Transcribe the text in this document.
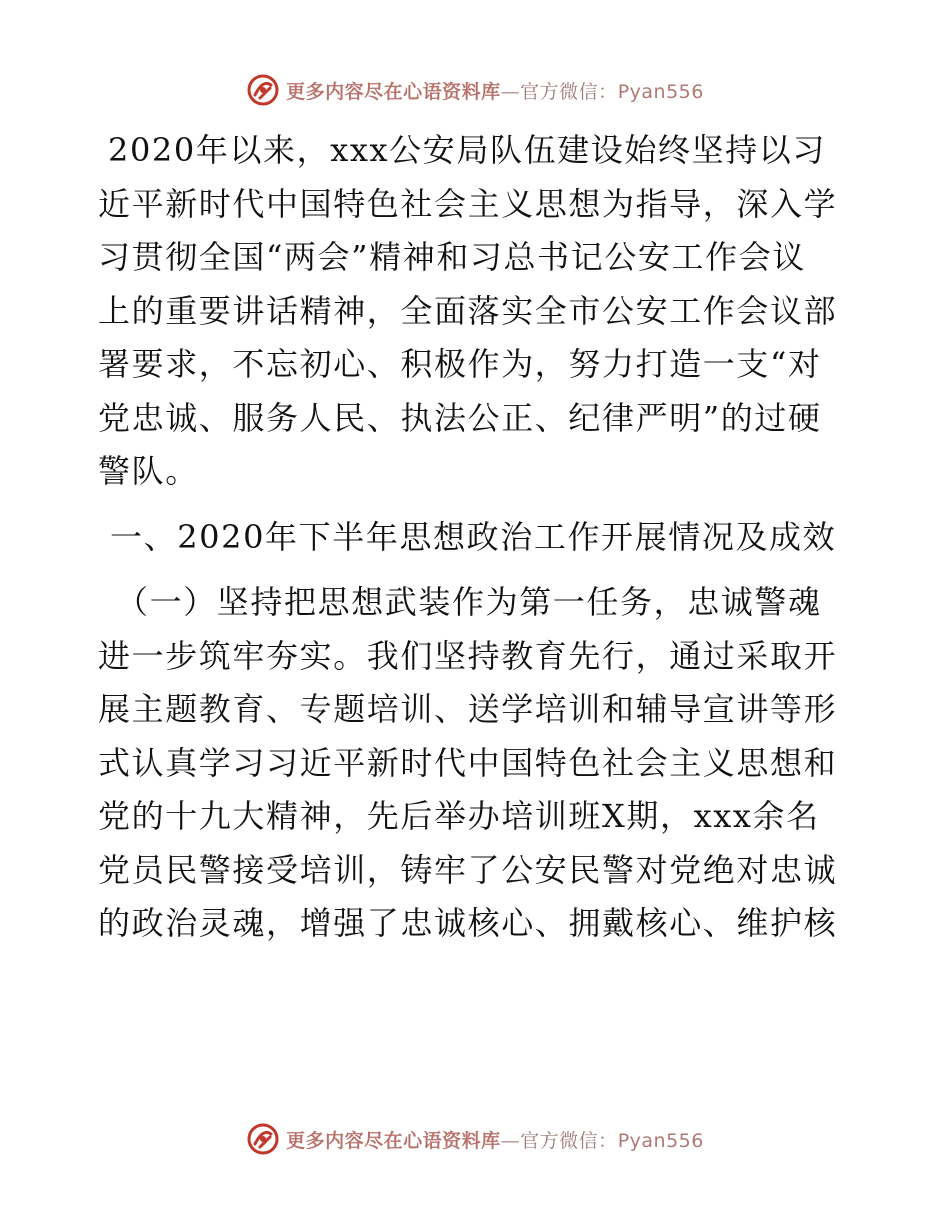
更多内容尽在心语资料库—官方微信：Pyan556
2020年以来，xxx公安局队伍建设始终坚持以习
近平新时代中国特色社会主义思想为指导，深入学
习贯彻全国“两会”精神和习总书记公安工作会议
上的重要讲话精神，全面落实全市公安工作会议部
署要求，不忘初心、积极作为，努力打造一支“对
党忠诚、服务人民、执法公正、纪律严明”的过硬
警队。
一、2020年下半年思想政治工作开展情况及成效
（一）坚持把思想武装作为第一任务，忠诚警魂
进一步筑牢夯实。我们坚持教育先行，通过采取开
展主题教育、专题培训、送学培训和辅导宣讲等形
式认真学习习近平新时代中国特色社会主义思想和
党的十九大精神，先后举办培训班X期，xxx余名
党员民警接受培训，铸牢了公安民警对党绝对忠诚
的政治灵魂，增强了忠诚核心、拥戴核心、维护核
更多内容尽在心语资料库—官方微信：Pyan556
